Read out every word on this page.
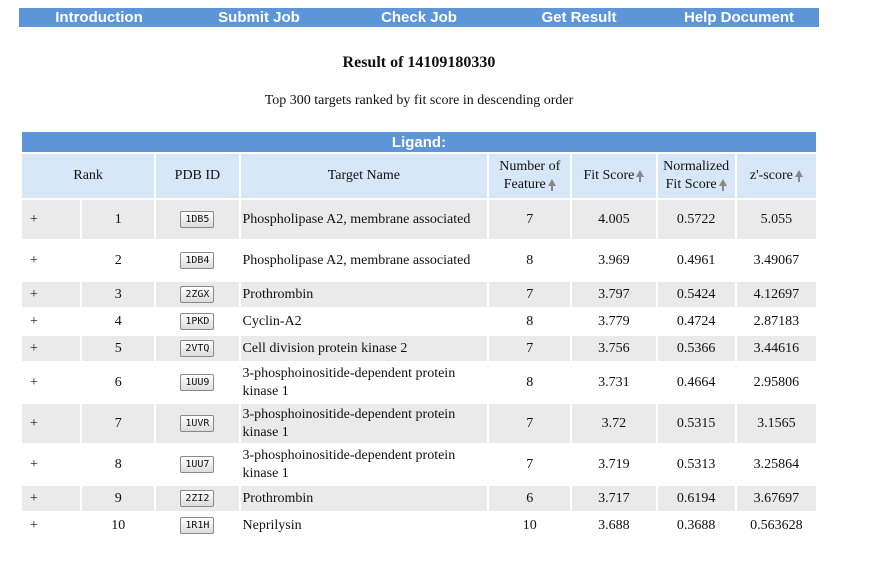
Introduction	Submit Job	Check Job	Get Result	Help Document
Result of 14109180330
Top 300 targets ranked by fit score in descending order
Ligand:							
Rank		PDB ID	Target Name	Number of Feature	Fit Score	Normalized Fit Score	z'-score
+	1	1DB5	Phospholipase A2, membrane associated	7	4.005	0.5722	5.055
+	2	1DB4	Phospholipase A2, membrane associated	8	3.969	0.4961	3.49067
+	3	2ZGX	Prothrombin	7	3.797	0.5424	4.12697
+	4	1PKD	Cyclin-A2	8	3.779	0.4724	2.87183
+	5	2VTQ	Cell division protein kinase 2	7	3.756	0.5366	3.44616
+	6	1UU9	3-phosphoinositide-dependent protein kinase 1	8	3.731	0.4664	2.95806
+	7	1UVR	3-phosphoinositide-dependent protein kinase 1	7	3.72	0.5315	3.1565
+	8	1UU7	3-phosphoinositide-dependent protein kinase 1	7	3.719	0.5313	3.25864
+	9	2ZI2	Prothrombin	6	3.717	0.6194	3.67697
+	10	1R1H	Neprilysin	10	3.688	0.3688	0.563628
